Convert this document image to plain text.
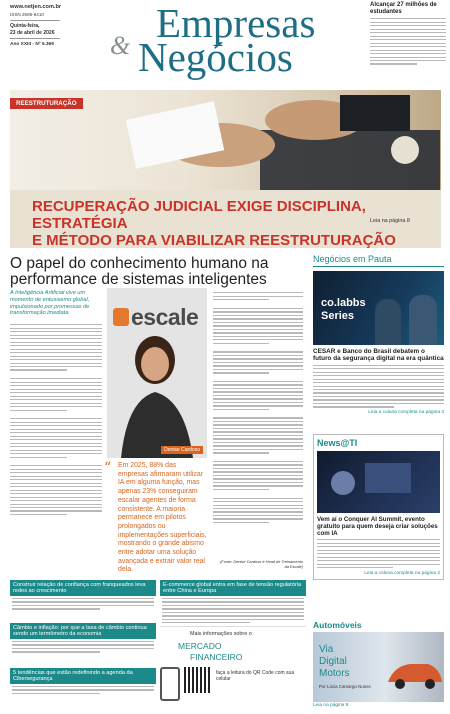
www.netjen.com.br
ISSN 2595-8410
Quinta-feira,
23 de abril de 2026
Ano XXIII - Nº 5.369	Empresas
& Negócios
Alcançar 27 milhões de estudantes
REESTRUTURAÇÃO
RECUPERAÇÃO JUDICIAL EXIGE DISCIPLINA, ESTRATÉGIA
E MÉTODO PARA VIABILIZAR REESTRUTURAÇÃO
Leia na página 8
O papel do conhecimento humano na
performance de sistemas inteligentes
A Inteligência Artificial vive um momento de entusiasmo global, impulsionado por promessas de transformação imediata.	escale
Denise Cardoso
“ Em 2025, 88% das empresas afirmaram utilizar IA em alguma função, mas apenas 23% conseguiram escalar agentes de forma consistente. A maioria permanece em pilotos prolongados ou implementações superficiais, mostrando o grande abismo entre adotar uma solução avançada e extrair valor real dela.
(Fonte: Denise Cardoso é Head de Treinamento da Escale)
Negócios em Pauta
co.labbs
Series
CESAR e Banco do Brasil debatem o futuro da segurança digital na era quântica
Leia a coluna completa na página 3
News@TI
Vem aí o Conquer AI Summit, evento gratuito para quem deseja criar soluções com IA
Leia a coluna completa na página 2
Automóveis
Via
Digital
Motors
Por Lúcia Camargo Nunes
Leia na página 8
Construir relação de confiança com franqueados leva redes ao crescimento
Câmbio e inflação: por que a taxa de câmbio continua sendo um termômetro da economia
5 tendências que estão redefinindo a agenda da Cibersegurança
E-commerce global entra em fase de tensão regulatória entre China e Europa
Mais informações sobre o
MERCADO
FINANCEIRO
faça a leitura do QR Code com sua celular
